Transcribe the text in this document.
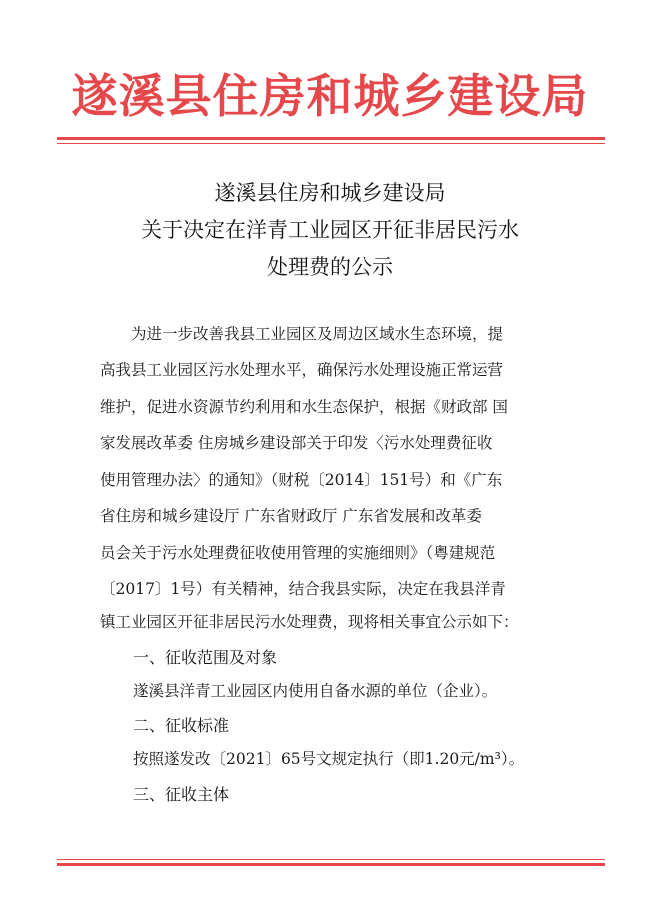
遂溪县住房和城乡建设局
遂溪县住房和城乡建设局
关于决定在洋青工业园区开征非居民污水
处理费的公示
　　为进一步改善我县工业园区及周边区域水生态环境，提
高我县工业园区污水处理水平，确保污水处理设施正常运营
维护，促进水资源节约利用和水生态保护，根据《财政部 国
家发展改革委 住房城乡建设部关于印发〈污水处理费征收
使用管理办法〉的通知》（财税〔2014〕151号）和《广东
省住房和城乡建设厅 广东省财政厅 广东省发展和改革委
员会关于污水处理费征收使用管理的实施细则》（粤建规范
〔2017〕1号）有关精神，结合我县实际，决定在我县洋青
镇工业园区开征非居民污水处理费，现将相关事宜公示如下：
一、征收范围及对象
遂溪县洋青工业园区内使用自备水源的单位（企业）。
二、征收标准
按照遂发改〔2021〕65号文规定执行（即1.20元/m³）。
三、征收主体
